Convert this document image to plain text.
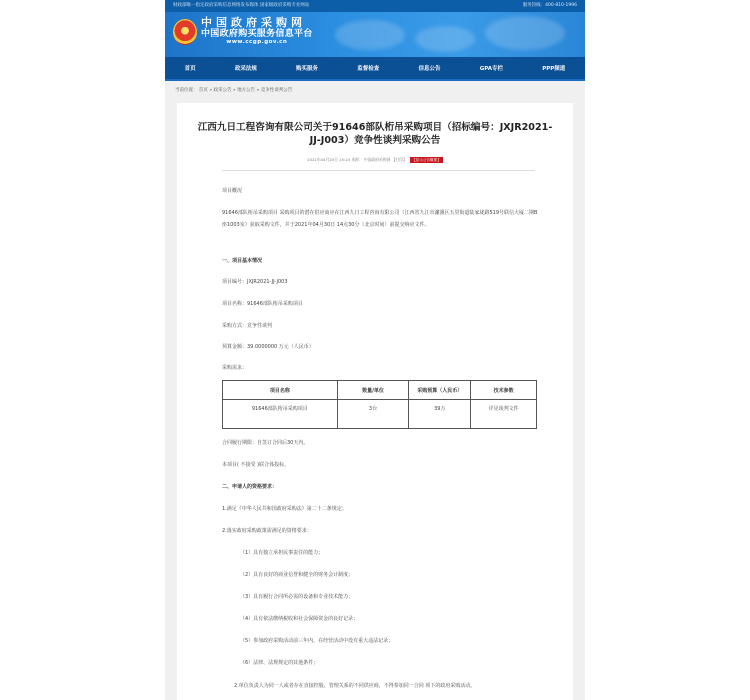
财政部唯一指定政府采购信息网络发布媒体 国家级政府采购专业网站	服务热线：400-810-1996
中国政府采购网
中国政府购买服务信息平台
www.ccgp.gov.cn
首页	政采法规	购买服务	监督检查	信息公告	GPA专栏	PPP频道
当前位置： 首页 » 政采公告 » 地方公告 » 竞争性谈判公告
江西九日工程咨询有限公司关于91646部队桁吊采购项目（招标编号：JXJR2021-
JJ-J003）竞争性谈判采购公告
2021年04月20日 15:24 来源： 中国政府采购网 【打印】 【显示公告概要】
项目概况
91646部队桁吊采购项目 采购项目的潜在供应商应在江西九日工程咨询有限公司（江西省九江市濂溪区五里街道陆家垅路519号联信大厦二期B座1003室）获取采购文件，并于2021年04月30日 14点30分（北京时间）前提交响应文件。
一、项目基本情况
项目编号：JXJR2021-JJ-J003
项目名称：91646部队桁吊采购项目
采购方式：竞争性谈判
预算金额：39.0000000 万元（人民币）
采购需求：
项目名称	数量/单位	采购预算（人民币）	技术参数
91646部队桁吊采购项目	3台	39万	详见谈判文件
合同履行期限：自签订合同后30天内。
本项目( 不接受 )联合体投标。
二、申请人的资格要求：
1.满足《中华人民共和国政府采购法》第二十二条规定；
2.落实政府采购政策需满足的资格要求：
（1）具有独立承担民事责任的能力；
（2）具有良好的商业信誉和健全的财务会计制度；
（3）具有履行合同所必需的设备和专业技术能力；
（4）具有依法缴纳税收和社会保障资金的良好记录；
（5）参加政府采购活动前三年内，在经营活动中没有重大违法记录；
（6）法律、法规规定的其他条件；
2.单位负责人为同一人或者存在直接控股、管理关系的不同供应商，不得参加同一合同 项下的政府采购活动。
